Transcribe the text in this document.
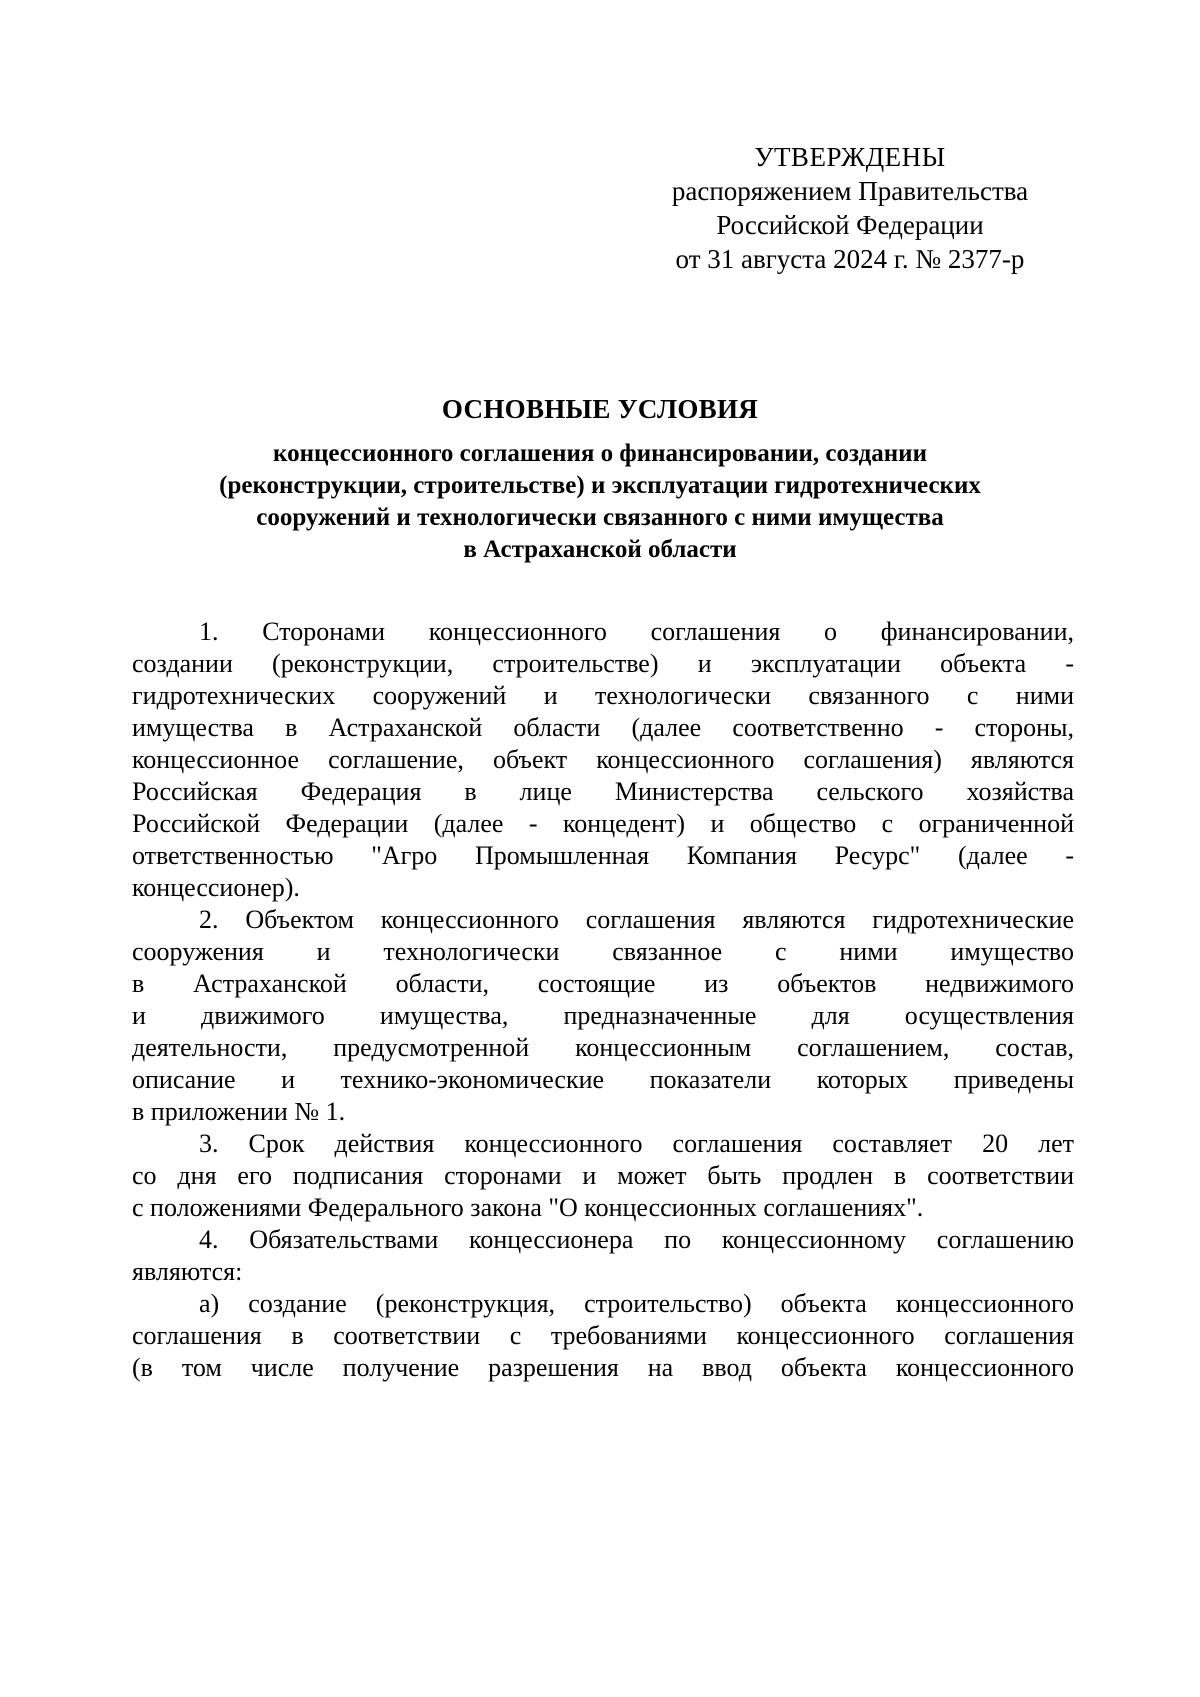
УТВЕРЖДЕНЫ
распоряжением Правительства
Российской Федерации
от 31 августа 2024 г. № 2377-р
ОСНОВНЫЕ УСЛОВИЯ
концессионного соглашения о финансировании, создании
(реконструкции, строительстве) и эксплуатации гидротехнических
сооружений и технологически связанного с ними имущества
в Астраханской области
1. Сторонами концессионного соглашения о финансировании,
создании (реконструкции, строительстве) и эксплуатации объекта -
гидротехнических сооружений и технологически связанного с ними
имущества в Астраханской области (далее соответственно - стороны,
концессионное соглашение, объект концессионного соглашения) являются
Российская Федерация в лице Министерства сельского хозяйства
Российской Федерации (далее - концедент) и общество с ограниченной
ответственностью "Агро Промышленная Компания Ресурс" (далее -
концессионер).
2. Объектом концессионного соглашения являются гидротехнические
сооружения и технологически связанное с ними имущество
в Астраханской области, состоящие из объектов недвижимого
и движимого имущества, предназначенные для осуществления
деятельности, предусмотренной концессионным соглашением, состав,
описание и технико-экономические показатели которых приведены
в приложении № 1.
3. Срок действия концессионного соглашения составляет 20 лет
со дня его подписания сторонами и может быть продлен в соответствии
с положениями Федерального закона "О концессионных соглашениях".
4. Обязательствами концессионера по концессионному соглашению
являются:
а) создание (реконструкция, строительство) объекта концессионного
соглашения в соответствии с требованиями концессионного соглашения
(в том числе получение разрешения на ввод объекта концессионного
